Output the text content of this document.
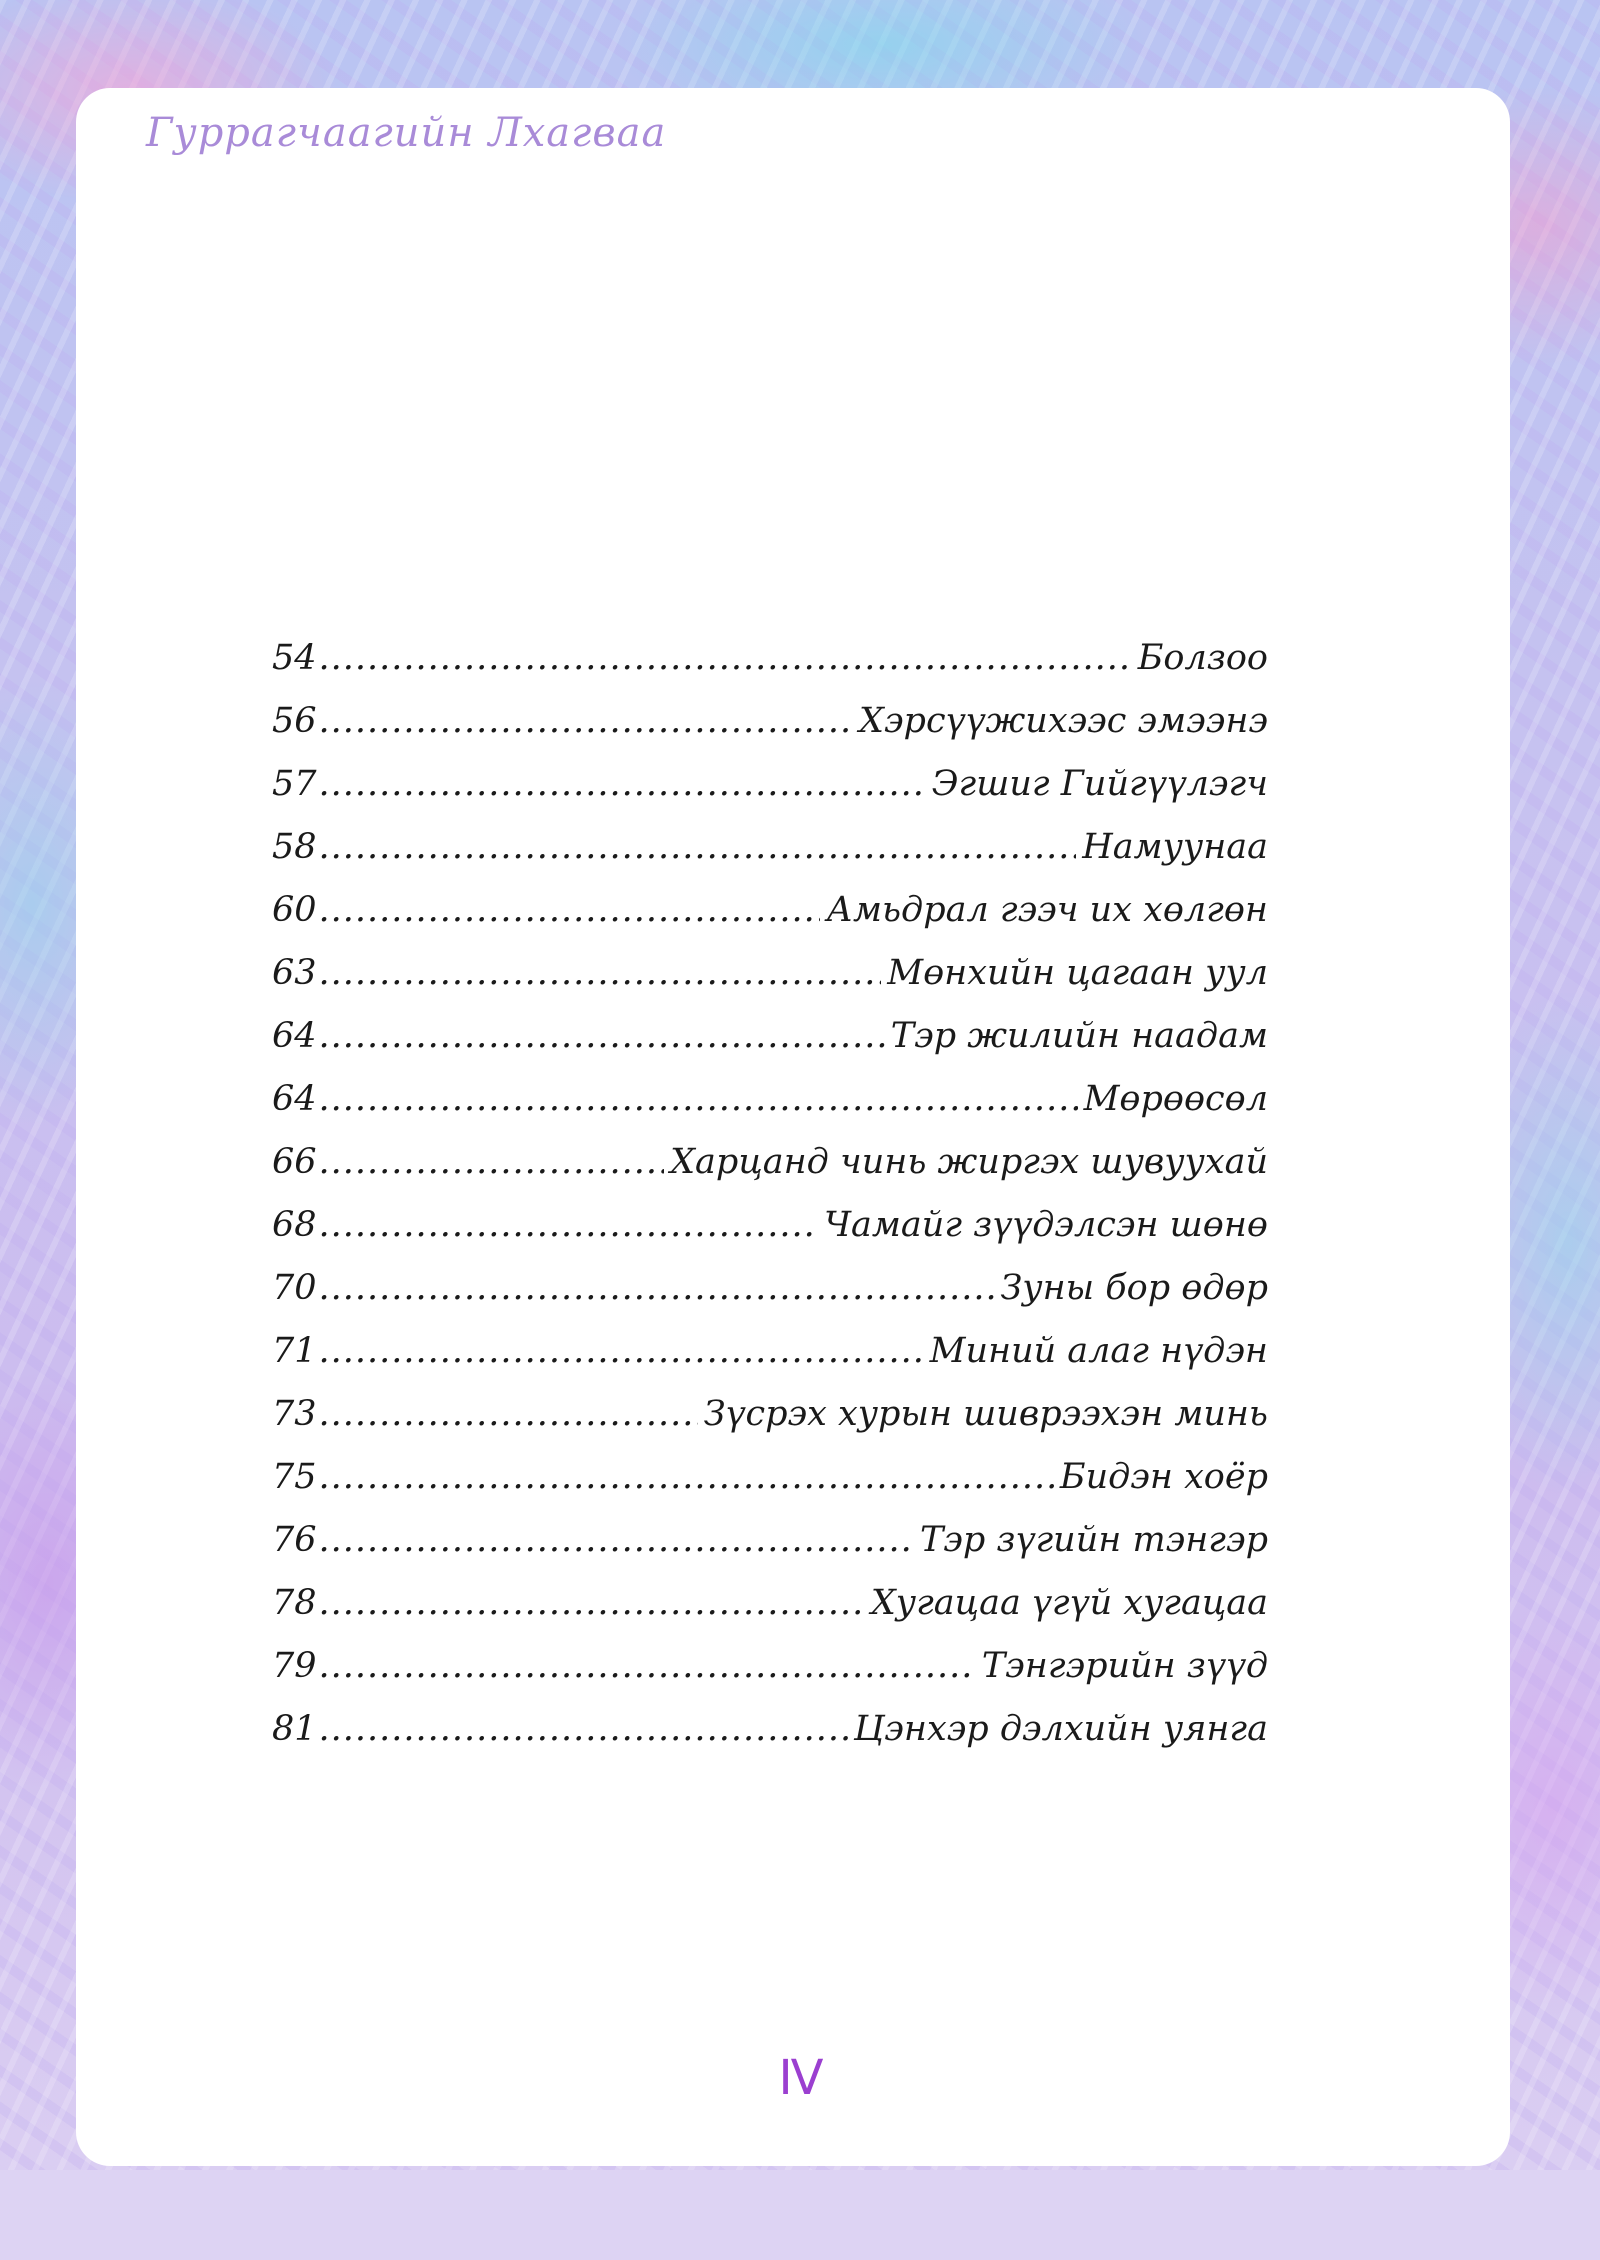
Гуррагчаагийн Лхагваа
54 .....	Болзоо
56 .....	Хэрсүүжихээс эмээнэ
57 .....	Эгшиг Гийгүүлэгч
58 .....	Намуунаа
60 .....	Амьдрал гээч их хөлгөн
63 .....	Мөнхийн цагаан уул
64 .....	Тэр жилийн наадам
64 .....	Мөрөөсөл
66 .....	Харцанд чинь жиргэх шувуухай
68 .....	Чамайг зүүдэлсэн шөнө
70 .....	Зуны бор өдөр
71 .....	Миний алаг нүдэн
73 .....	Зүсрэх хурын шиврээхэн минь
75 .....	Бидэн хоёр
76 .....	Тэр зүгийн тэнгэр
78 .....	Хугацаа үгүй хугацаа
79 .....	Тэнгэрийн зүүд
81 .....	Цэнхэр дэлхийн уянга
IV
